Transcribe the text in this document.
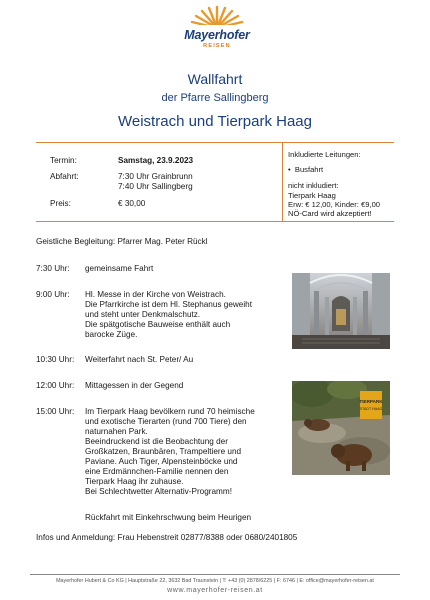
Mayerhofer
REISEN
Wallfahrt
der Pfarre Sallingberg
Weistrach und Tierpark Haag
Termin:	Samstag, 23.9.2023
Abfahrt:	7:30 Uhr Grainbrunn
7:40 Uhr Sallingberg
Preis:	€ 30,00
Inkludierte Leitungen:
•  Busfahrt
nicht inkludiert:
Tierpark Haag
Erw: € 12,00, Kinder: €9,00
NÖ-Card wird akzeptiert!
Geistliche Begleitung: Pfarrer Mag. Peter Rückl
7:30 Uhr: gemeinsame Fahrt
9:00 Uhr: Hl. Messe in der Kirche von Weistrach.
Die Pfarrkirche ist dem Hl. Stephanus geweiht
und steht unter Denkmalschutz.
Die spätgotische Bauweise enthält auch
barocke Züge.
10:30 Uhr: Weiterfahrt nach St. Peter/ Au
12:00 Uhr: Mittagessen in der Gegend
15:00 Uhr: Im Tierpark Haag bevölkern rund 70 heimische
und exotische Tierarten (rund 700 Tiere) den
naturnahen Park.
Beeindruckend ist die Beobachtung der
Großkatzen, Braunbären, Trampeltiere und
Paviane. Auch Tiger, Alpensteinböcke und
eine Erdmännchen-Familie nennen den
Tierpark Haag ihr zuhause.
Bei Schlechtwetter Alternativ-Programm!
Rückfahrt mit Einkehrschwung beim Heurigen
Infos und Anmeldung: Frau Hebenstreit 02877/8388 oder 0680/2401805
TIERPARK
STADT HAAG
Mayerhofer Hubert & Co KG | Hauptstraße 22, 3632 Bad Traunstein | T: +43 (0) 2878/6225 | F: 6746 | E: office@mayerhofer-reisen.at
www.mayerhofer-reisen.at
